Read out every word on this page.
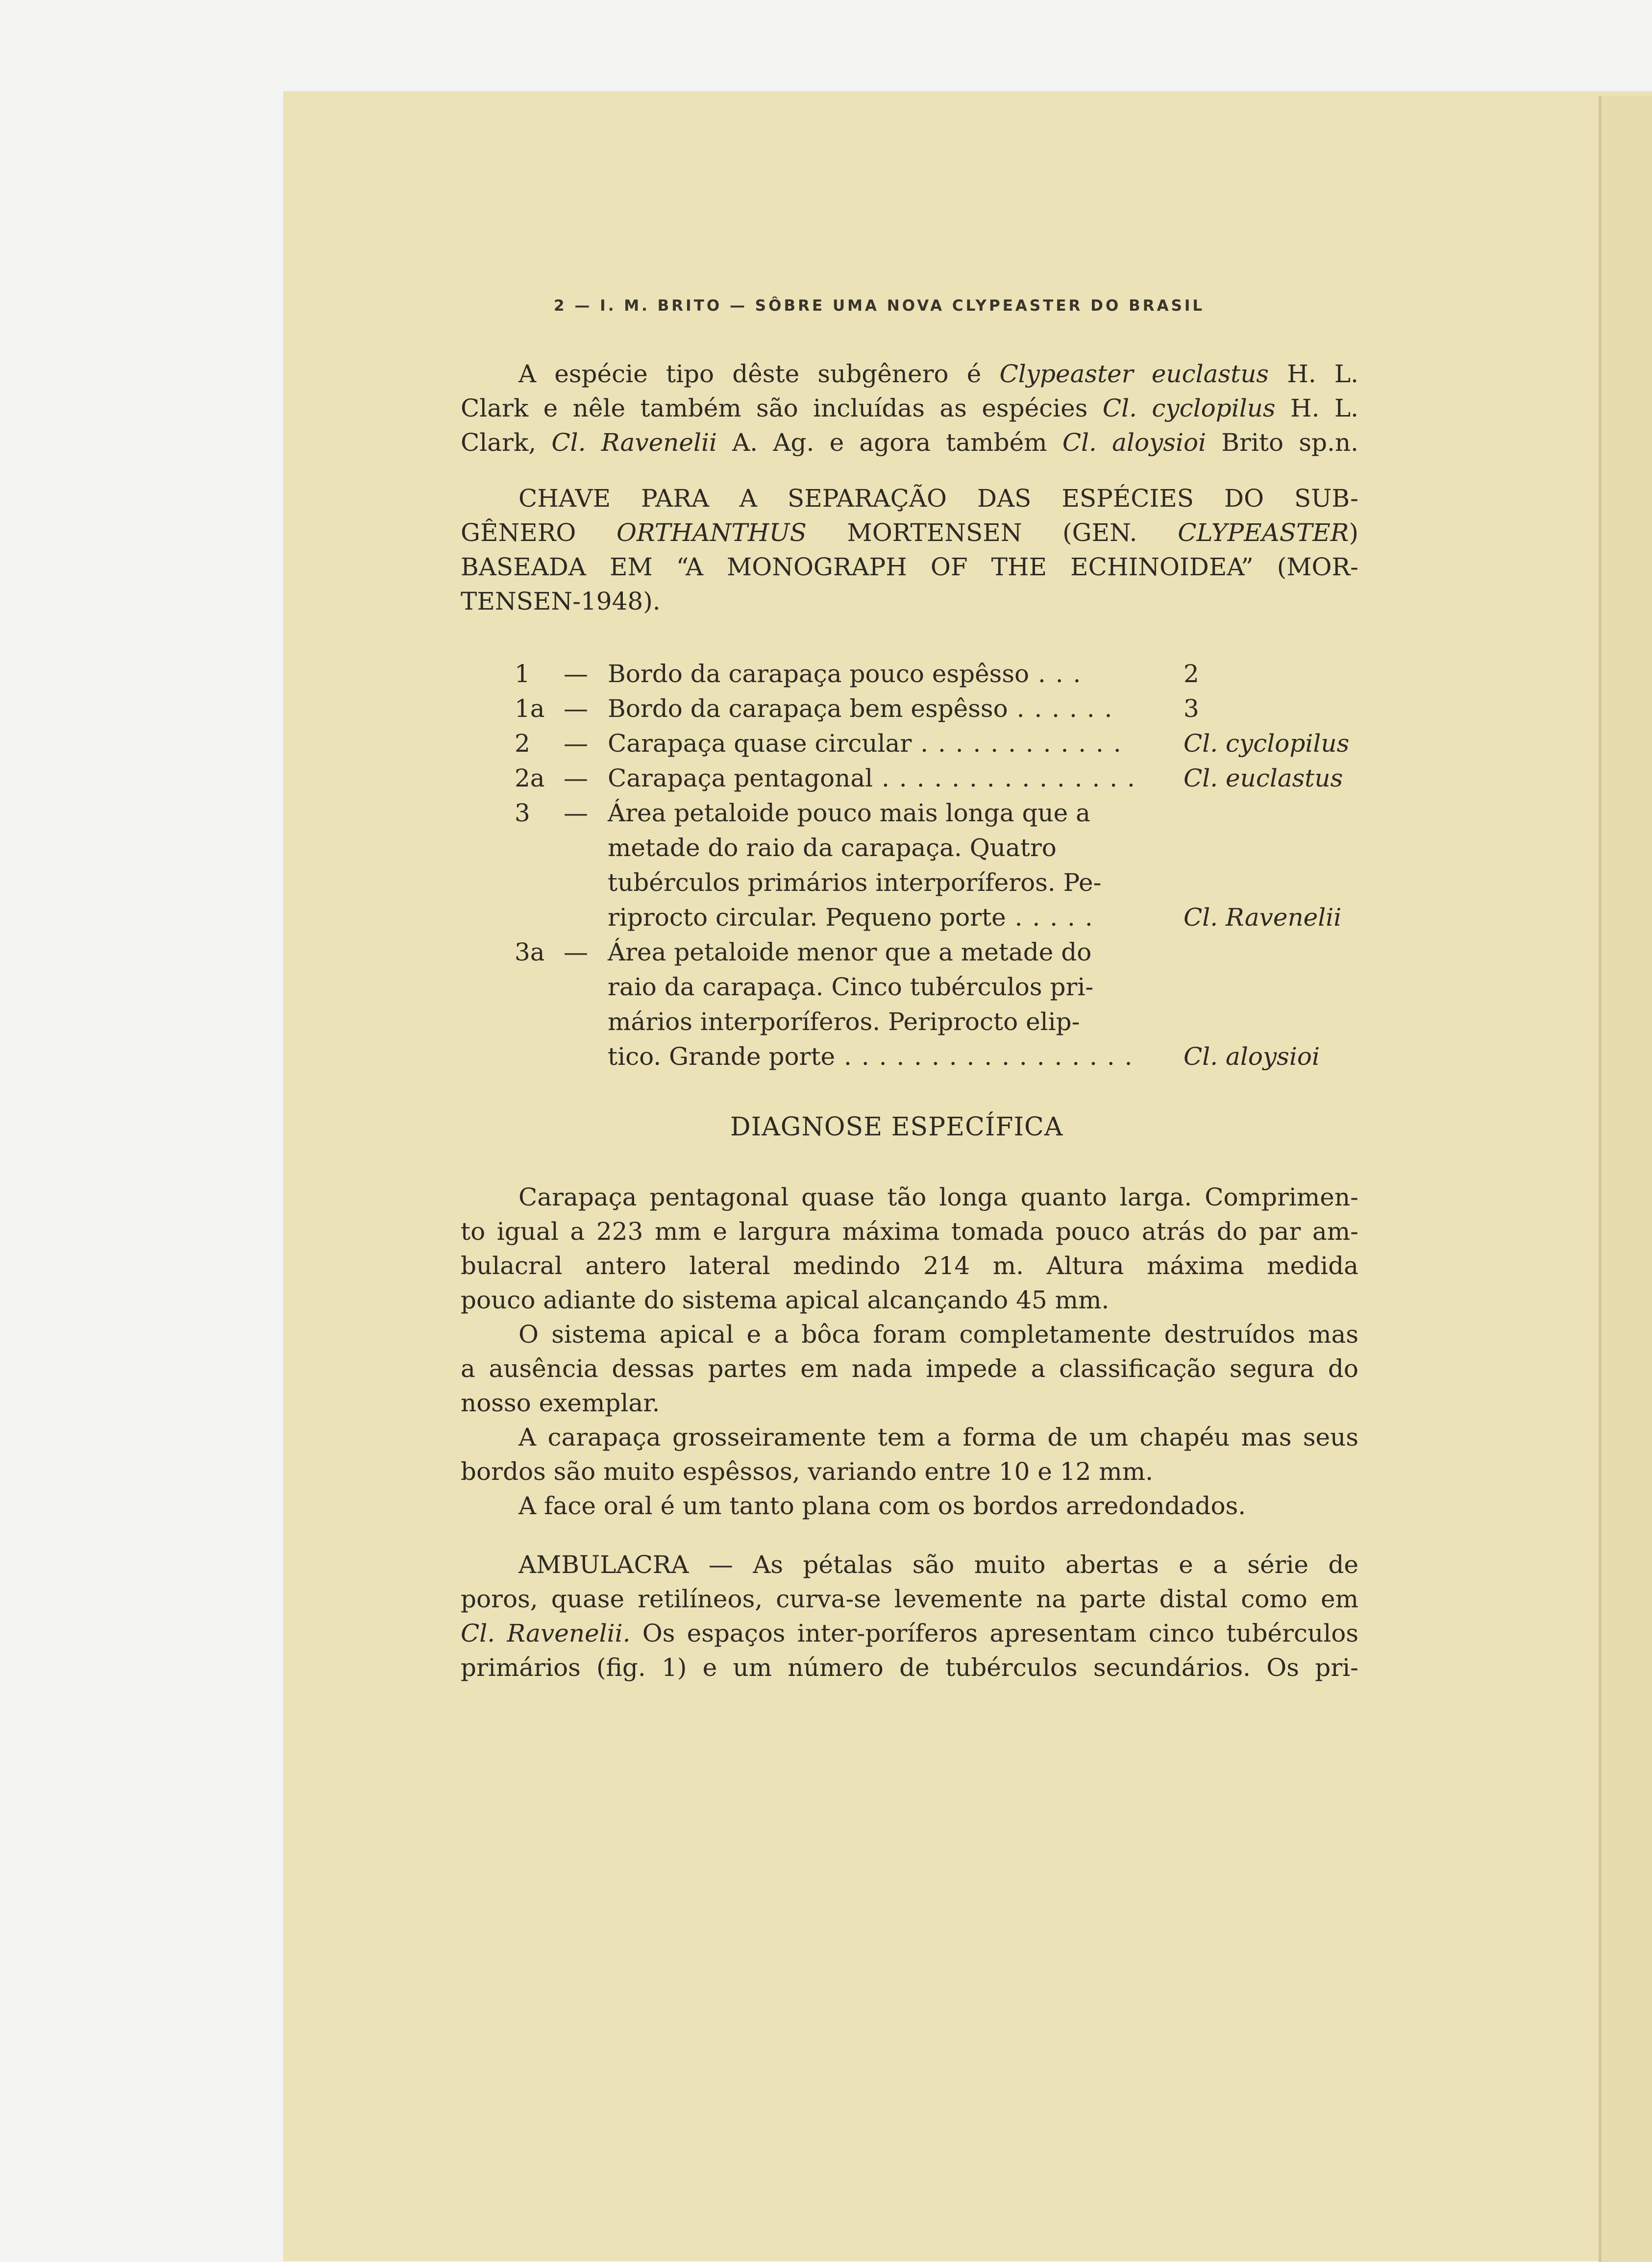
2 — I. M. BRITO — SÔBRE UMA NOVA CLYPEASTER DO BRASIL
A espécie tipo dêste subgênero é Clypeaster euclastus H. L.
Clark e nêle também são incluídas as espécies Cl. cyclopilus H. L.
Clark, Cl. Ravenelii A. Ag. e agora também Cl. aloysioi Brito sp.n.
CHAVE PARA A SEPARAÇÃO DAS ESPÉCIES DO SUB-
GÊNERO ORTHANTHUS MORTENSEN (GEN. CLYPEASTER)
BASEADA EM “A MONOGRAPH OF THE ECHINOIDEA” (MOR-
TENSEN-1948).
1	— Bordo da carapaça pouco espêsso . . .	2
1a — Bordo da carapaça bem espêsso . . . . . .	3
2	— Carapaça quase circular . . . . . . . . . . . .	Cl. cyclopilus
2a — Carapaça pentagonal . . . . . . . . . . . . . . . Cl. euclastus
3	— Área petaloide pouco mais longa que a
metade do raio da carapaça. Quatro
tubérculos primários interporíferos. Pe-
riprocto circular. Pequeno porte . . . . .	Cl. Ravenelii
3a — Área petaloide menor que a metade do
raio da carapaça. Cinco tubérculos pri-
mários interporíferos. Periprocto elip-
tico. Grande porte . . . . . . . . . . . . . . . . . Cl. aloysioi
DIAGNOSE ESPECÍFICA
Carapaça pentagonal quase tão longa quanto larga. Comprimen-
to igual a 223 mm e largura máxima tomada pouco atrás do par am-
bulacral antero lateral medindo 214 m. Altura máxima medida
pouco adiante do sistema apical alcançando 45 mm.
O sistema apical e a bôca foram completamente destruídos mas
a ausência dessas partes em nada impede a classificação segura do
nosso exemplar.
A carapaça grosseiramente tem a forma de um chapéu mas seus
bordos são muito espêssos, variando entre 10 e 12 mm.
A face oral é um tanto plana com os bordos arredondados.
AMBULACRA — As pétalas são muito abertas e a série de
poros, quase retilíneos, curva-se levemente na parte distal como em
Cl. Ravenelii. Os espaços inter-poríferos apresentam cinco tubérculos
primários (fig. 1) e um número de tubérculos secundários. Os pri-
